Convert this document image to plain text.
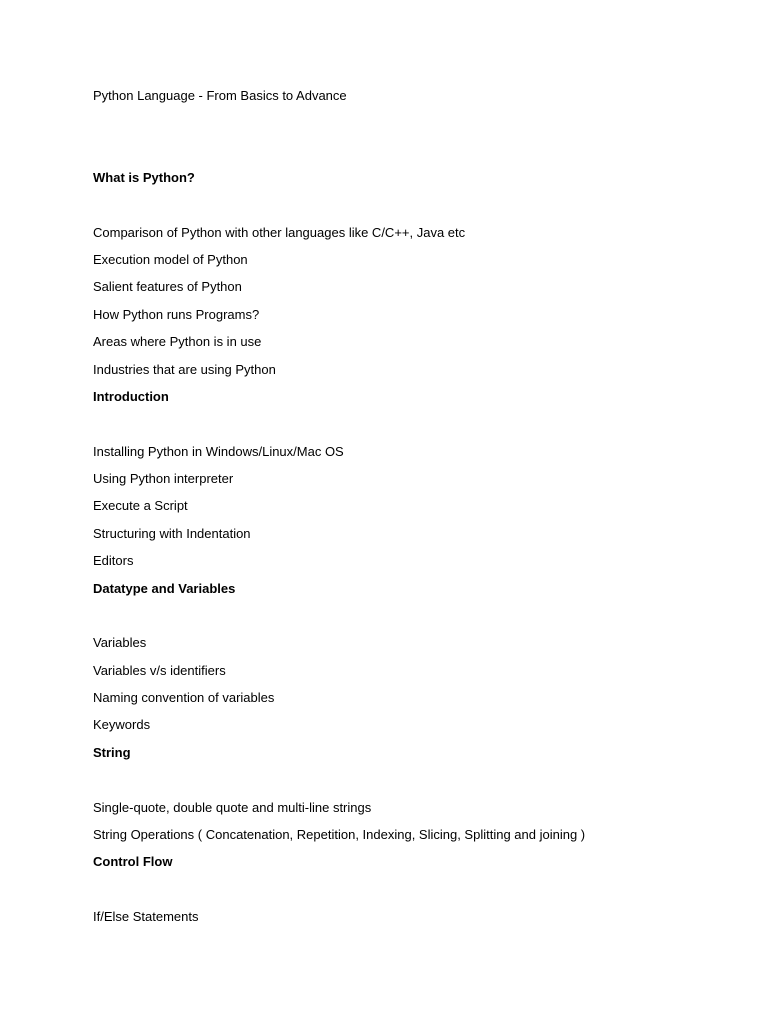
Python Language - From Basics to Advance
What is Python?
Comparison of Python with other languages like C/C++, Java etc
Execution model of Python
Salient features of Python
How Python runs Programs?
Areas where Python is in use
Industries that are using Python
Introduction
Installing Python in Windows/Linux/Mac OS
Using Python interpreter
Execute a Script
Structuring with Indentation
Editors
Datatype and Variables
Variables
Variables v/s identifiers
Naming convention of variables
Keywords
String
Single-quote, double quote and multi-line strings
String Operations ( Concatenation, Repetition, Indexing, Slicing, Splitting and joining )
Control Flow
If/Else Statements
